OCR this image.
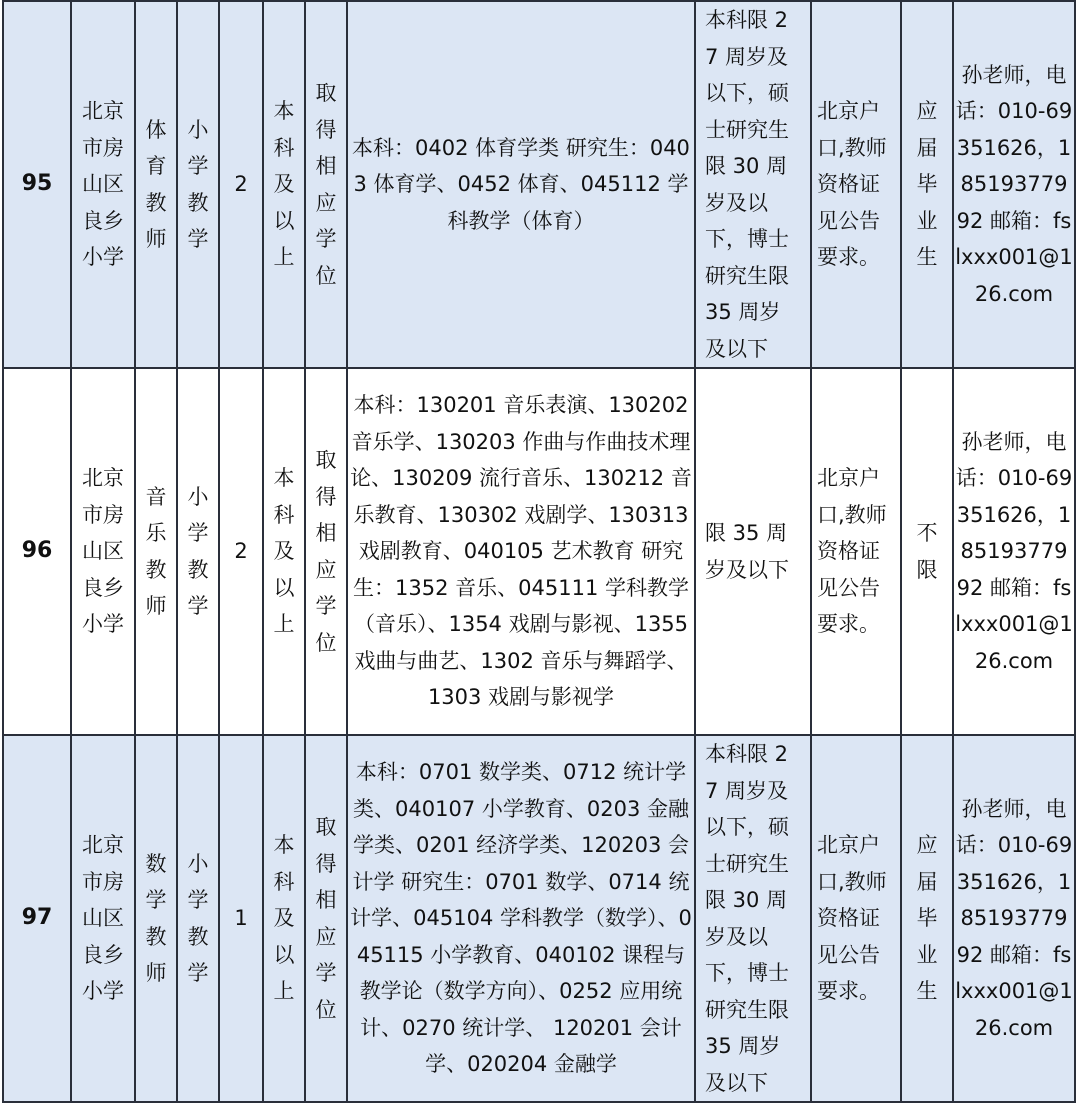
95	北京市房山区良乡小学	体育教师	小学教学	2	本科及以上	取得相应学位	本科：0402 体育学类 研究生：0403 体育学、0452 体育、045112 学科教学（体育）	本科限 27 周岁及以下，硕士研究生限 30 周岁及以下，博士研究生限 35 周岁及以下	北京户口,教师资格证见公告要求。	应届毕业生	孙老师，电话：010-69351626，18519377992 邮箱：fslxxx001@126.com

96	北京市房山区良乡小学	音乐教师	小学教学	2	本科及以上	取得相应学位	本科：130201 音乐表演、130202 音乐学、130203 作曲与作曲技术理论、130209 流行音乐、130212 音乐教育、130302 戏剧学、130313 戏剧教育、040105 艺术教育 研究生：1352 音乐、045111 学科教学（音乐）、1354 戏剧与影视、1355 戏曲与曲艺、1302 音乐与舞蹈学、1303 戏剧与影视学	限 35 周岁及以下	北京户口,教师资格证见公告要求。	不限	孙老师，电话：010-69351626，18519377992 邮箱：fslxxx001@126.com

97	北京市房山区良乡小学	数学教师	小学教学	1	本科及以上	取得相应学位	本科：0701 数学类、0712 统计学类、040107 小学教育、0203 金融学类、0201 经济学类、120203 会计学 研究生：0701 数学、0714 统计学、045104 学科教学（数学）、045115 小学教育、040102 课程与教学论（数学方向）、0252 应用统计、0270 统计学、 120201 会计学、020204 金融学	本科限 27 周岁及以下，硕士研究生限 30 周岁及以下，博士研究生限 35 周岁及以下	北京户口,教师资格证见公告要求。	应届毕业生	孙老师，电话：010-69351626，18519377992 邮箱：fslxxx001@126.com
